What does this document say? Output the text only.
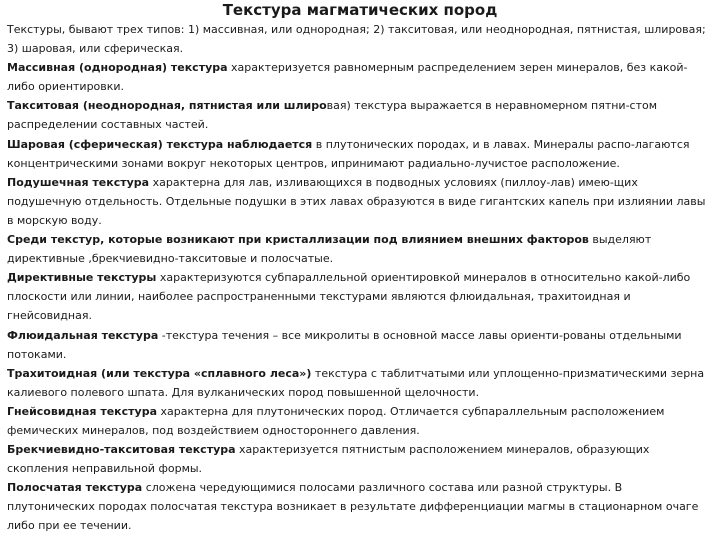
Текстура магматических пород

Текстуры, бывают трех типов: 1) массивная, или однородная; 2) такситовая, или неоднородная, пятнистая, шлировая; 3) шаровая, или сферическая.

Массивная (однородная) текстура характеризуется равномерным распределением зерен минералов, без какой-либо ориентировки.

Такситовая (неоднородная, пятнистая или шлировая) текстура выражается в неравномерном пятни-стом распределении составных частей.

Шаровая (сферическая) текстура наблюдается в плутонических породах, и в лавах. Минералы распо-лагаются концентрическими зонами вокруг некоторых центров, ипринимают радиально-лучистое расположение.

Подушечная текстура характерна для лав, изливающихся в подводных условиях (пиллоу-лав) имею-щих подушечную отдельность. Отдельные подушки в этих лавах образуются в виде гигантских капель при излиянии лавы в морскую воду.

Среди текстур, которые возникают при кристаллизации под влиянием внешних факторов выделяют директивные ,брекчиевидно-такситовые и полосчатые.

Директивные текстуры характеризуются субпараллельной ориентировкой минералов в относительно какой-либо плоскости или линии, наиболее распространенными текстурами являются флюидальная, трахитоидная и гнейсовидная.

Флюидальная текстура -текстура течения – все микролиты в основной массе лавы ориенти-рованы отдельными потоками.

Трахитоидная (или текстура «сплавного леса») текстура с таблитчатыми или уплощенно-призматическими зерна калиевого полевого шпата. Для вулканических пород повышенной щелочности.

Гнейсовидная текстура характерна для плутонических пород. Отличается субпараллельным расположением фемических минералов, под воздействием одностороннего давления.

Брекчиевидно-такситовая текстура характеризуется пятнистым расположением минералов, образующих скопления неправильной формы.

Полосчатая текстура сложена чередующимися полосами различного состава или разной структуры. В плутонических породах полосчатая текстура возникает в результате дифференциации магмы в стационарном очаге либо при ее течении.
